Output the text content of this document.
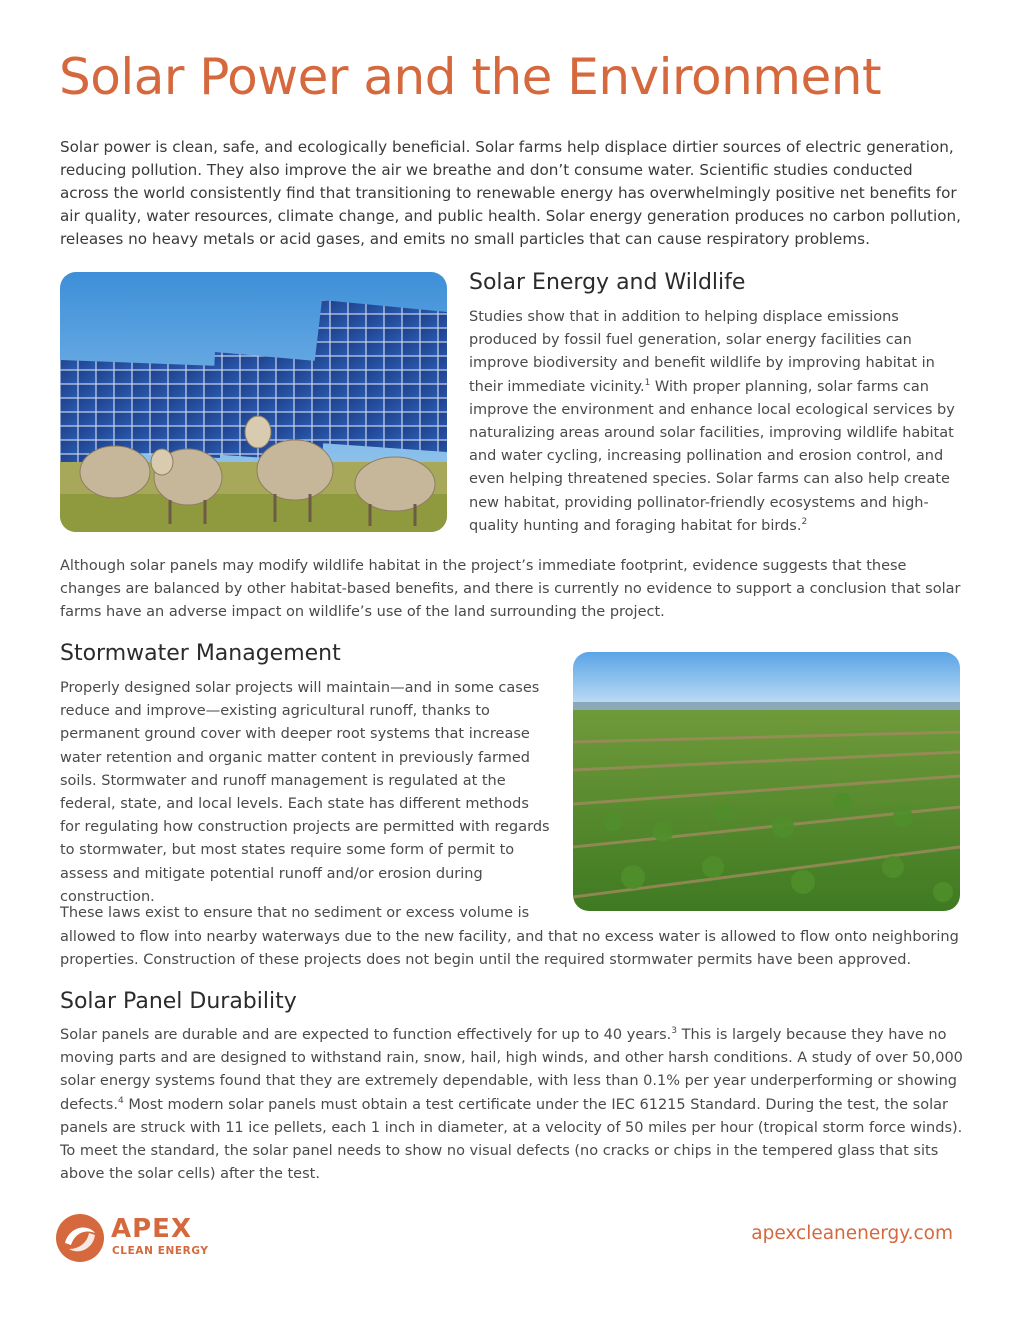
Solar Power and the Environment

Solar power is clean, safe, and ecologically beneficial. Solar farms help displace dirtier sources of electric generation, reducing pollution. They also improve the air we breathe and don’t consume water. Scientific studies conducted across the world consistently find that transitioning to renewable energy has overwhelmingly positive net benefits for air quality, water resources, climate change, and public health. Solar energy generation produces no carbon pollution, releases no heavy metals or acid gases, and emits no small particles that can cause respiratory problems.

Solar Energy and Wildlife

Studies show that in addition to helping displace emissions produced by fossil fuel generation, solar energy facilities can improve biodiversity and benefit wildlife by improving habitat in their immediate vicinity.$^1$ With proper planning, solar farms can improve the environment and enhance local ecological services by naturalizing areas around solar facilities, improving wildlife habitat and water cycling, increasing pollination and erosion control, and even helping threatened species. Solar farms can also help create new habitat, providing pollinator-friendly ecosystems and high-quality hunting and foraging habitat for birds.$^2$

Although solar panels may modify wildlife habitat in the project’s immediate footprint, evidence suggests that these changes are balanced by other habitat-based benefits, and there is currently no evidence to support a conclusion that solar farms have an adverse impact on wildlife’s use of the land surrounding the project.

Stormwater Management

Properly designed solar projects will maintain—and in some cases reduce and improve—existing agricultural runoff, thanks to permanent ground cover with deeper root systems that increase water retention and organic matter content in previously farmed soils. Stormwater and runoff management is regulated at the federal, state, and local levels. Each state has different methods for regulating how construction projects are permitted with regards to stormwater, but most states require some form of permit to assess and mitigate potential runoff and/or erosion during construction.

These laws exist to ensure that no sediment or excess volume is

allowed to flow into nearby waterways due to the new facility, and that no excess water is allowed to flow onto neighboring properties. Construction of these projects does not begin until the required stormwater permits have been approved.

Solar Panel Durability

Solar panels are durable and are expected to function effectively for up to 40 years.$^3$ This is largely because they have no moving parts and are designed to withstand rain, snow, hail, high winds, and other harsh conditions. A study of over 50,000 solar energy systems found that they are extremely dependable, with less than 0.1% per year underperforming or showing defects.$^4$ Most modern solar panels must obtain a test certificate under the IEC 61215 Standard. During the test, the solar panels are struck with 11 ice pellets, each 1 inch in diameter, at a velocity of 50 miles per hour (tropical storm force winds). To meet the standard, the solar panel needs to show no visual defects (no cracks or chips in the tempered glass that sits above the solar cells) after the test.

APEX
CLEAN ENERGY
apexcleanenergy.com
